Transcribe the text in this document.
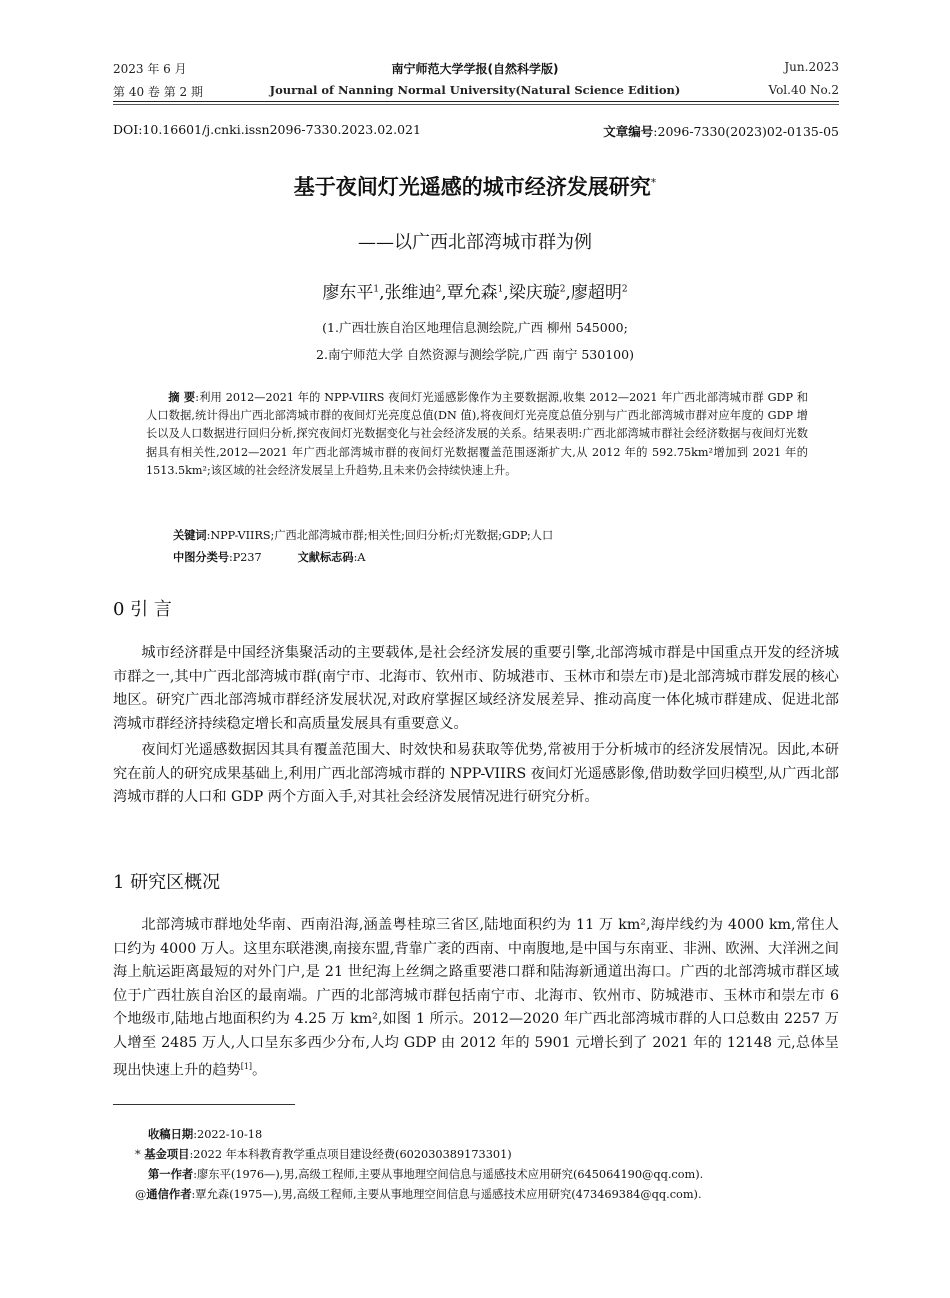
2023 年 6 月
第 40 卷 第 2 期
南宁师范大学学报(自然科学版)
Journal of Nanning Normal University(Natural Science Edition)
Jun.2023
Vol.40 No.2
DOI:10.16601/j.cnki.issn2096-7330.2023.02.021	文章编号:2096-7330(2023)02-0135-05
基于夜间灯光遥感的城市经济发展研究*
——以广西北部湾城市群为例
廖东平$^1$,张维迪$^2$,覃允森$^1$,梁庆璇$^2$,廖超明$^2$
(1.广西壮族自治区地理信息测绘院,广西 柳州 545000;
2.南宁师范大学 自然资源与测绘学院,广西 南宁 530100)
摘 要:利用 2012—2021 年的 NPP-VIIRS 夜间灯光遥感影像作为主要数据源,收集 2012—2021 年广西北部湾城市群 GDP 和人口数据,统计得出广西北部湾城市群的夜间灯光亮度总值(DN 值),将夜间灯光亮度总值分别与广西北部湾城市群对应年度的 GDP 增长以及人口数据进行回归分析,探究夜间灯光数据变化与社会经济发展的关系。结果表明:广西北部湾城市群社会经济数据与夜间灯光数据具有相关性,2012—2021 年广西北部湾城市群的夜间灯光数据覆盖范围逐渐扩大,从 2012 年的 592.75km²增加到 2021 年的 1513.5km²;该区域的社会经济发展呈上升趋势,且未来仍会持续快速上升。
关键词:NPP-VIIRS;广西北部湾城市群;相关性;回归分析;灯光数据;GDP;人口
中图分类号:P237	文献标志码:A
0 引 言
城市经济群是中国经济集聚活动的主要载体,是社会经济发展的重要引擎,北部湾城市群是中国重点开发的经济城市群之一,其中广西北部湾城市群(南宁市、北海市、钦州市、防城港市、玉林市和崇左市)是北部湾城市群发展的核心地区。研究广西北部湾城市群经济发展状况,对政府掌握区域经济发展差异、推动高度一体化城市群建成、促进北部湾城市群经济持续稳定增长和高质量发展具有重要意义。
夜间灯光遥感数据因其具有覆盖范围大、时效快和易获取等优势,常被用于分析城市的经济发展情况。因此,本研究在前人的研究成果基础上,利用广西北部湾城市群的 NPP-VIIRS 夜间灯光遥感影像,借助数学回归模型,从广西北部湾城市群的人口和 GDP 两个方面入手,对其社会经济发展情况进行研究分析。
1 研究区概况
北部湾城市群地处华南、西南沿海,涵盖粤桂琼三省区,陆地面积约为 11 万 km²,海岸线约为 4000 km,常住人口约为 4000 万人。这里东联港澳,南接东盟,背靠广袤的西南、中南腹地,是中国与东南亚、非洲、欧洲、大洋洲之间海上航运距离最短的对外门户,是 21 世纪海上丝绸之路重要港口群和陆海新通道出海口。广西的北部湾城市群区域位于广西壮族自治区的最南端。广西的北部湾城市群包括南宁市、北海市、钦州市、防城港市、玉林市和崇左市 6 个地级市,陆地占地面积约为 4.25 万 km²,如图 1 所示。2012—2020 年广西北部湾城市群的人口总数由 2257 万人增至 2485 万人,人口呈东多西少分布,人均 GDP 由 2012 年的 5901 元增长到了 2021 年的 12148 元,总体呈现出快速上升的趋势[1]。
收稿日期:2022-10-18
* 基金项目:2022 年本科教育教学重点项目建设经费(602030389173301)
第一作者:廖东平(1976—),男,高级工程师,主要从事地理空间信息与遥感技术应用研究(645064190@qq.com).
@通信作者:覃允森(1975—),男,高级工程师,主要从事地理空间信息与遥感技术应用研究(473469384@qq.com).
